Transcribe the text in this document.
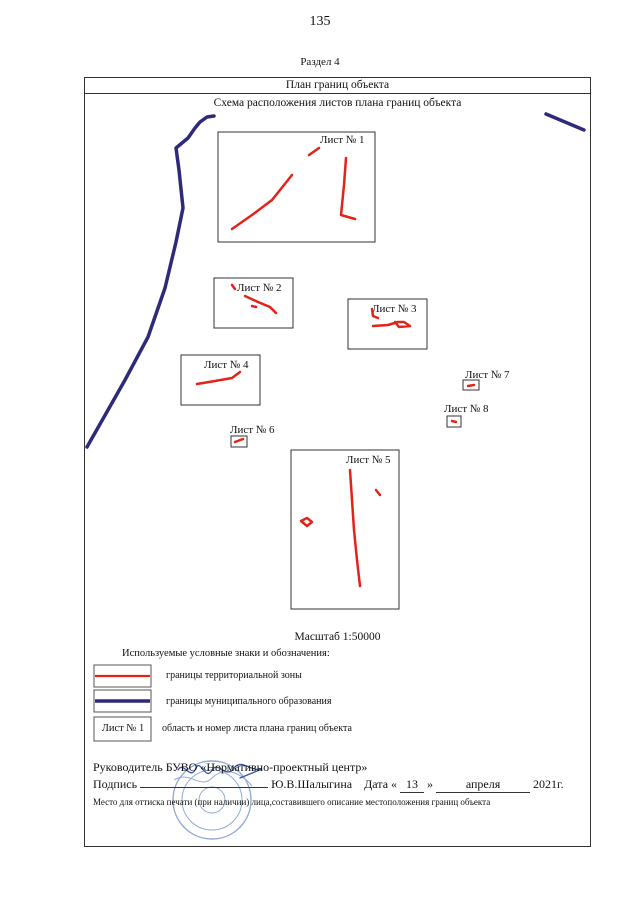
135
Раздел 4
План границ объекта
Схема расположения листов плана границ объекта
Лист № 1
Лист № 2
Лист № 3
Лист № 4
Лист № 5
Лист № 6
Лист № 7
Лист № 8
Масштаб 1:50000
Используемые условные знаки и обозначения:
границы территориальной зоны
границы муниципального образования
Лист № 1	область и номер листа плана границ объекта
Руководитель БУВО «Нормативно-проектный центр»
Подпись	Ю.В.Шалыгина Дата « 13 »	апреля	2021г.
Место для оттиска печати (при наличии) лица,составившего описание местоположения границ объекта
